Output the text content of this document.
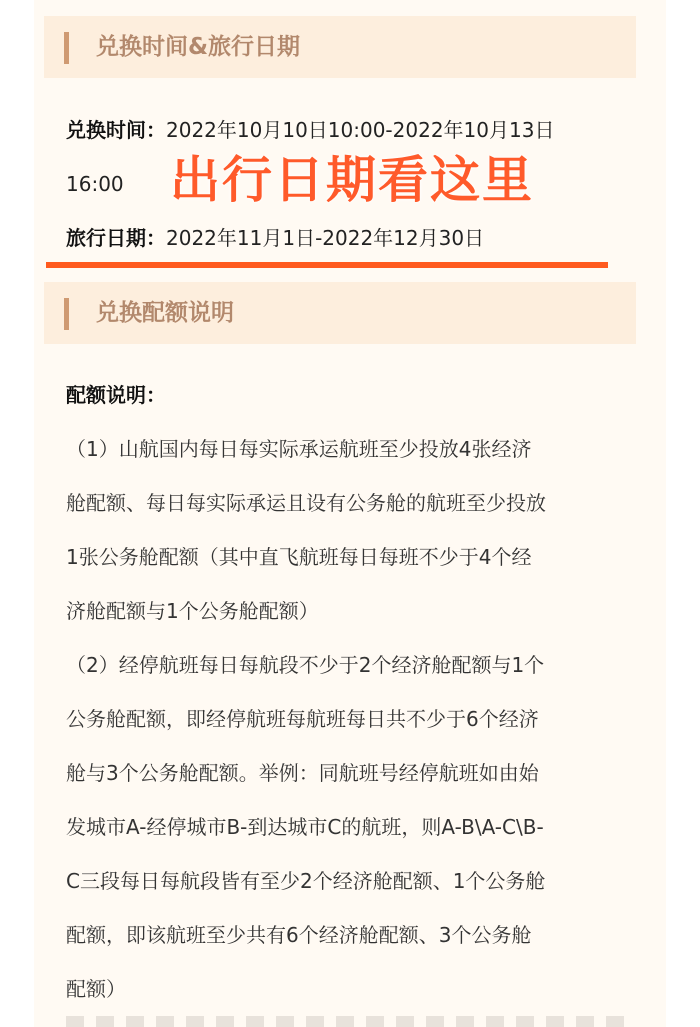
兑换时间&旅行日期
兑换时间：2022年10月10日10:00-2022年10月13日
16:00 出行日期看这里
旅行日期：2022年11月1日-2022年12月30日
兑换配额说明
配额说明：
（1）山航国内每日每实际承运航班至少投放4张经济
舱配额、每日每实际承运且设有公务舱的航班至少投放
1张公务舱配额（其中直飞航班每日每班不少于4个经
济舱配额与1个公务舱配额）
（2）经停航班每日每航段不少于2个经济舱配额与1个
公务舱配额，即经停航班每航班每日共不少于6个经济
舱与3个公务舱配额。举例：同航班号经停航班如由始
发城市A-经停城市B-到达城市C的航班，则A-B\A-C\B-
C三段每日每航段皆有至少2个经济舱配额、1个公务舱
配额，即该航班至少共有6个经济舱配额、3个公务舱
配额）
